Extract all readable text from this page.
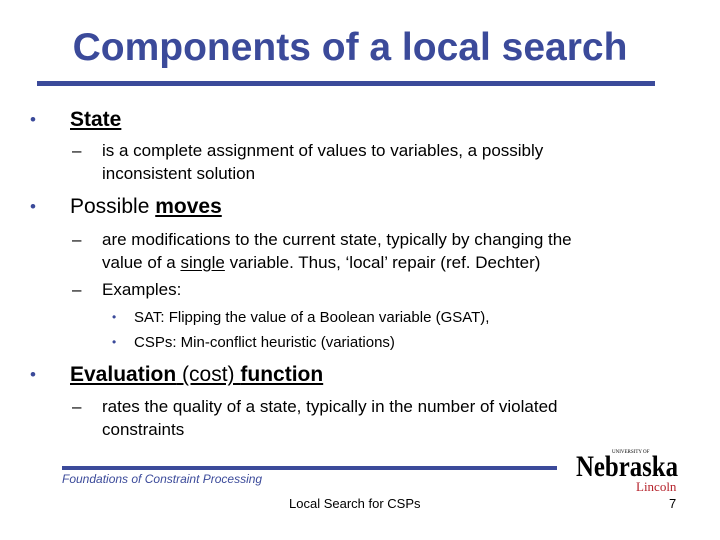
Components of a local search
• State
– is a complete assignment of values to variables, a possibly
inconsistent solution
• Possible moves
– are modifications to the current state, typically by changing the
value of a single variable. Thus, ‘local’ repair (ref. Dechter)
– Examples:
• SAT: Flipping the value of a Boolean variable (GSAT),
• CSPs: Min-conflict heuristic (variations)
• Evaluation (cost) function
– rates the quality of a state, typically in the number of violated
constraints
Foundations of Constraint Processing
Local Search for CSPs	7
UNIVERSITY OF
Nebraska
Lincoln
